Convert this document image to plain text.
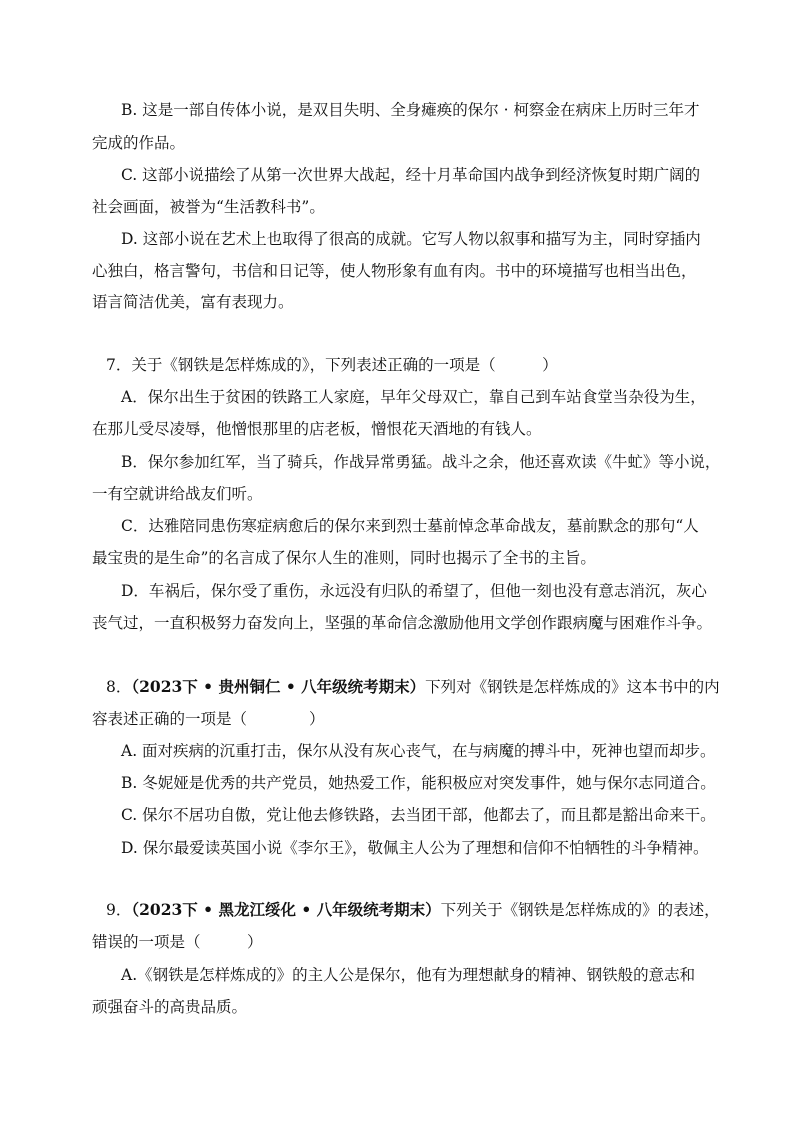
B. 这是一部自传体小说，是双目失明、全身瘫痪的保尔 · 柯察金在病床上历时三年才
完成的作品。
C. 这部小说描绘了从第一次世界大战起，经十月革命国内战争到经济恢复时期广阔的
社会画面，被誉为“生活教科书”。
D. 这部小说在艺术上也取得了很高的成就。它写人物以叙事和描写为主，同时穿插内
心独白，格言警句，书信和日记等，使人物形象有血有肉。书中的环境描写也相当出色，
语言简洁优美，富有表现力。
7．关于《钢铁是怎样炼成的》，下列表述正确的一项是（　　　）
A．保尔出生于贫困的铁路工人家庭，早年父母双亡，靠自己到车站食堂当杂役为生，
在那儿受尽凌辱，他憎恨那里的店老板，憎恨花天酒地的有钱人。
B．保尔参加红军，当了骑兵，作战异常勇猛。战斗之余，他还喜欢读《牛虻》等小说，
一有空就讲给战友们听。
C．达雅陪同患伤寒症病愈后的保尔来到烈士墓前悼念革命战友，墓前默念的那句“人
最宝贵的是生命”的名言成了保尔人生的准则，同时也揭示了全书的主旨。
D．车祸后，保尔受了重伤，永远没有归队的希望了，但他一刻也没有意志消沉，灰心
丧气过，一直积极努力奋发向上，坚强的革命信念激励他用文学创作跟病魔与困难作斗争。
8．（2023下 • 贵州铜仁 • 八年级统考期末）下列对《钢铁是怎样炼成的》这本书中的内
容表述正确的一项是（　　　　）
A. 面对疾病的沉重打击，保尔从没有灰心丧气，在与病魔的搏斗中，死神也望而却步。
B. 冬妮娅是优秀的共产党员，她热爱工作，能积极应对突发事件，她与保尔志同道合。
C. 保尔不居功自傲，党让他去修铁路，去当团干部，他都去了，而且都是豁出命来干。
D. 保尔最爱读英国小说《李尔王》，敬佩主人公为了理想和信仰不怕牺牲的斗争精神。
9．（2023下 • 黑龙江绥化 • 八年级统考期末）下列关于《钢铁是怎样炼成的》的表述，
错误的一项是（　　　）
A.《钢铁是怎样炼成的》的主人公是保尔，他有为理想献身的精神、钢铁般的意志和
顽强奋斗的高贵品质。
